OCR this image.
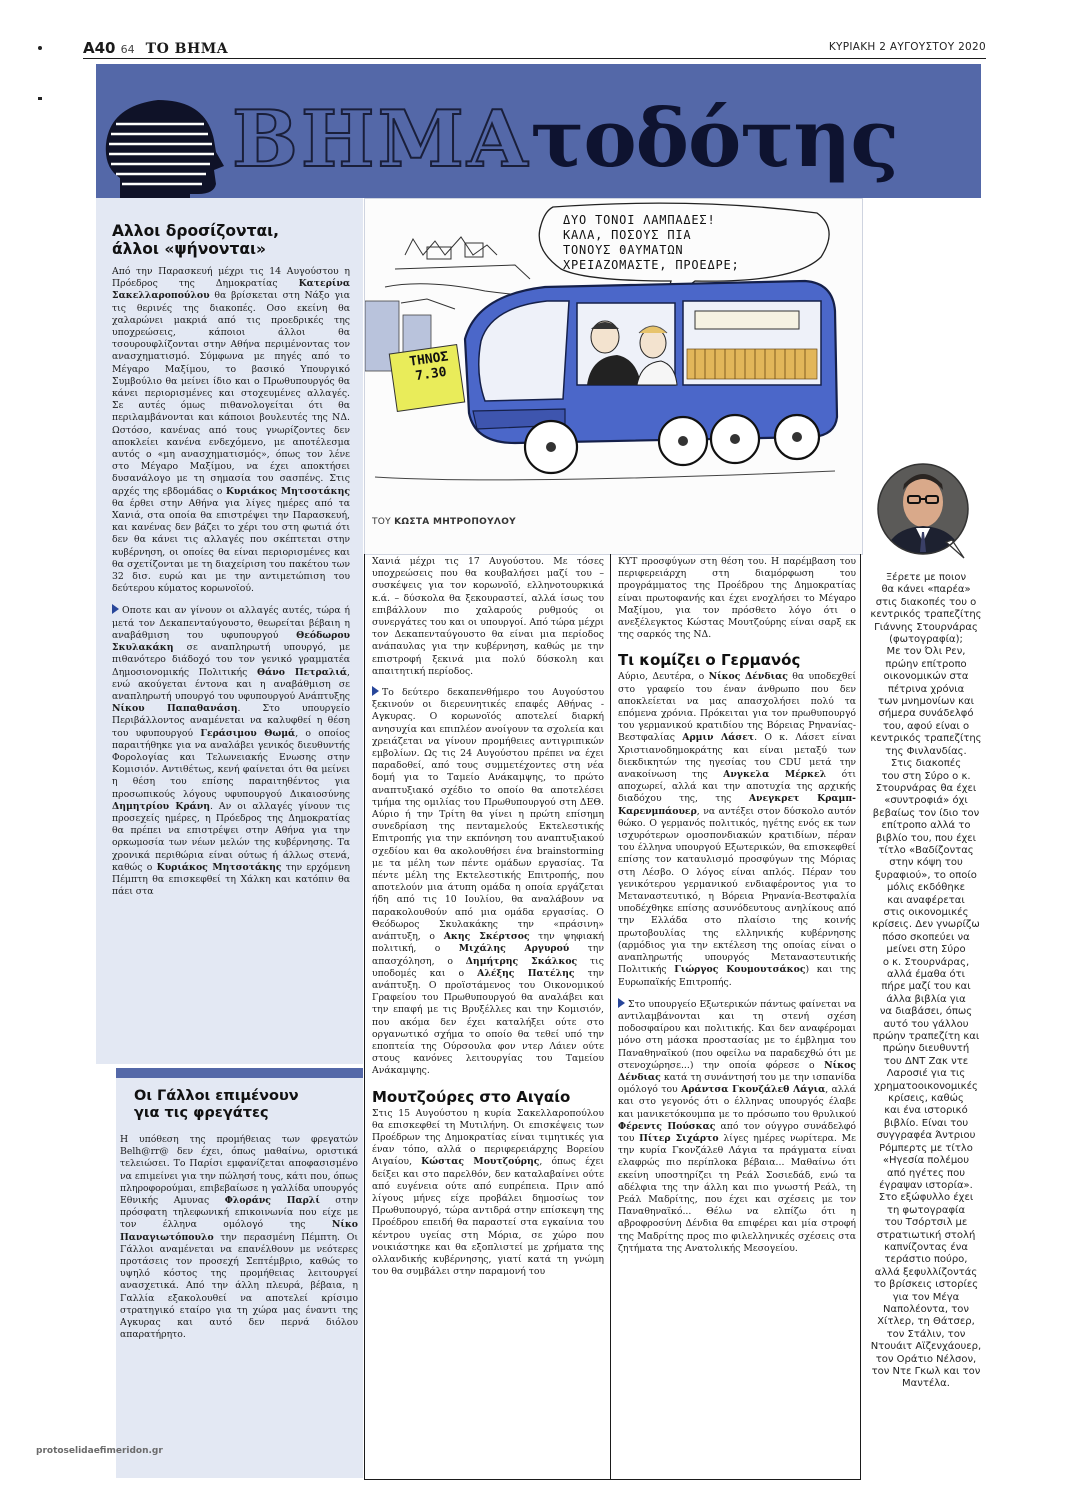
Α40 64 ΤΟ ΒΗΜΑ	ΚΥΡΙΑΚΗ 2 ΑΥΓΟΥΣΤΟΥ 2020
ΒΗΜΑτοδότης
Αλλοι δροσίζονται,
άλλοι «ψήνονται»

Από την Παρασκευή μέχρι τις 14 Αυγούστου η Πρόεδρος της Δημοκρατίας Κατερίνα Σακελλαροπούλου θα βρίσκεται στη Νάξο για τις θερινές της διακοπές. Οσο εκείνη θα χαλαρώνει μακριά από τις προεδρικές της υποχρεώσεις, κάποιοι άλλοι θα τσουρουφλίζονται στην Αθήνα περιμένοντας τον ανασχηματισμό. Σύμφωνα με πηγές από το Μέγαρο Μαξίμου, το βασικό Υπουργικό Συμβούλιο θα μείνει ίδιο και ο Πρωθυπουργός θα κάνει περιορισμένες και στοχευμένες αλλαγές. Σε αυτές όμως πιθανολογείται ότι θα περιλαμβάνονται και κάποιοι βουλευτές της ΝΔ. Ωστόσο, κανένας από τους γνωρίζοντες δεν αποκλείει κανένα ενδεχόμενο, με αποτέλεσμα αυτός ο «μη ανασχηματισμός», όπως τον λένε στο Μέγαρο Μαξίμου, να έχει αποκτήσει δυσανάλογο με τη σημασία του σασπένς. Στις αρχές της εβδομάδας ο Κυριάκος Μητσοτάκης θα έρθει στην Αθήνα για λίγες ημέρες από τα Χανιά, στα οποία θα επιστρέψει την Παρασκευή, και κανένας δεν βάζει το χέρι του στη φωτιά ότι δεν θα κάνει τις αλλαγές που σκέπτεται στην κυβέρνηση, οι οποίες θα είναι περιορισμένες και θα σχετίζονται με τη διαχείριση του πακέτου των 32 δισ. ευρώ και με την αντιμετώπιση του δεύτερου κύματος κορωνοϊού.

Οποτε και αν γίνουν οι αλλαγές αυτές, τώρα ή μετά τον Δεκαπενταύγουστο, θεωρείται βέβαιη η αναβάθμιση του υφυπουργού Θεόδωρου Σκυλακάκη σε αναπληρωτή υπουργό, με πιθανότερο διάδοχό του τον γενικό γραμματέα Δημοσιονομικής Πολιτικής Θάνο Πετραλιά, ενώ ακούγεται έντονα και η αναβάθμιση σε αναπληρωτή υπουργό του υφυπουργού Ανάπτυξης Νίκου Παπαθανάση. Στο υπουργείο Περιβάλλοντος αναμένεται να καλυφθεί η θέση του υφυπουργού Γεράσιμου Θωμά, ο οποίος παραιτήθηκε για να αναλάβει γενικός διευθυντής Φορολογίας και Τελωνειακής Ενωσης στην Κομισιόν. Αντιθέτως, κενή φαίνεται ότι θα μείνει η θέση του επίσης παραιτηθέντος για προσωπικούς λόγους υφυπουργού Δικαιοσύνης Δημητρίου Κράνη. Αν οι αλλαγές γίνουν τις προσεχείς ημέρες, η Πρόεδρος της Δημοκρατίας θα πρέπει να επιστρέψει στην Αθήνα για την ορκωμοσία των νέων μελών της κυβέρνησης. Τα χρονικά περιθώρια είναι ούτως ή άλλως στενά, καθώς ο Κυριάκος Μητσοτάκης την ερχόμενη Πέμπτη θα επισκεφθεί τη Χάλκη και κατόπιν θα πάει στα

Οι Γάλλοι επιμένουν
για τις φρεγάτες

Η υπόθεση της προμήθειας των φρεγατών Belh@rr@ δεν έχει, όπως μαθαίνω, οριστικά τελειώσει. Το Παρίσι εμφανίζεται αποφασισμένο να επιμείνει για την πώλησή τους, κάτι που, όπως πληροφορούμαι, επιβεβαίωσε η γαλλίδα υπουργός Εθνικής Αμυνας Φλοράνς Παρλί στην πρόσφατη τηλεφωνική επικοινωνία που είχε με τον έλληνα ομόλογό της Νίκο Παναγιωτόπουλο την περασμένη Πέμπτη. Οι Γάλλοι αναμένεται να επανέλθουν με νεότερες προτάσεις τον προσεχή Σεπτέμβριο, καθώς το υψηλό κόστος της προμήθειας λειτουργεί ανασχετικά. Από την άλλη πλευρά, βέβαια, η Γαλλία εξακολουθεί να αποτελεί κρίσιμο στρατηγικό εταίρο για τη χώρα μας έναντι της Αγκυρας και αυτό δεν περνά διόλου απαρατήρητο.

ΔΥΟ ΤΟΝΟΙ ΛΑΜΠΑΔΕΣ!
ΚΑΛΑ, ΠΟΣΟΥΣ ΠΙΑ
ΤΟΝΟΥΣ ΘΑΥΜΑΤΩΝ
ΧΡΕΙΑΖΟΜΑΣΤΕ, ΠΡΟΕΔΡΕ;
ΤΗΝΟΣ
7.30
ΤΟΥ ΚΩΣΤΑ ΜΗΤΡΟΠΟΥΛΟΥ

Χανιά μέχρι τις 17 Αυγούστου. Με τόσες υποχρεώσεις που θα κουβαλήσει μαζί του – συσκέψεις για τον κορωνοϊό, ελληνοτουρκικά κ.ά. – δύσκολα θα ξεκουραστεί, αλλά ίσως του επιβάλλουν πιο χαλαρούς ρυθμούς οι συνεργάτες του και οι υπουργοί. Από τώρα μέχρι τον Δεκαπενταύγουστο θα είναι μια περίοδος ανάπαυλας για την κυβέρνηση, καθώς με την επιστροφή ξεκινά μια πολύ δύσκολη και απαιτητική περίοδος.

Το δεύτερο δεκαπενθήμερο του Αυγούστου ξεκινούν οι διερευνητικές επαφές Αθήνας - Αγκυρας. Ο κορωνοϊός αποτελεί διαρκή ανησυχία και επιπλέον ανοίγουν τα σχολεία και χρειάζεται να γίνουν προμήθειες αντιγριπικών εμβολίων. Ως τις 24 Αυγούστου πρέπει να έχει παραδοθεί, από τους συμμετέχοντες στη νέα δομή για το Ταμείο Ανάκαμψης, το πρώτο αναπτυξιακό σχέδιο το οποίο θα αποτελέσει τμήμα της ομιλίας του Πρωθυπουργού στη ΔΕΘ. Αύριο ή την Τρίτη θα γίνει η πρώτη επίσημη συνεδρίαση της πενταμελούς Εκτελεστικής Επιτροπής για την εκπόνηση του αναπτυξιακού σχεδίου και θα ακολουθήσει ένα brainstorming με τα μέλη των πέντε ομάδων εργασίας. Τα πέντε μέλη της Εκτελεστικής Επιτροπής, που αποτελούν μια άτυπη ομάδα η οποία εργάζεται ήδη από τις 10 Ιουλίου, θα αναλάβουν να παρακολουθούν από μια ομάδα εργασίας. Ο Θεόδωρος Σκυλακάκης την «πράσινη» ανάπτυξη, ο Ακης Σκέρτσος την ψηφιακή πολιτική, ο Μιχάλης Αργυρού την απασχόληση, ο Δημήτρης Σκάλκος τις υποδομές και ο Αλέξης Πατέλης την ανάπτυξη. Ο προϊστάμενος του Οικονομικού Γραφείου του Πρωθυπουργού θα αναλάβει και την επαφή με τις Βρυξέλλες και την Κομισιόν, που ακόμα δεν έχει καταλήξει ούτε στο οργανωτικό σχήμα το οποίο θα τεθεί υπό την εποπτεία της Ούρσουλα φον ντερ Λάιεν ούτε στους κανόνες λειτουργίας του Ταμείου Ανάκαμψης.

Μουτζούρες στο Αιγαίο

Στις 15 Αυγούστου η κυρία Σακελλαροπούλου θα επισκεφθεί τη Μυτιλήνη. Οι επισκέψεις των Προέδρων της Δημοκρατίας είναι τιμητικές για έναν τόπο, αλλά ο περιφερειάρχης Βορείου Αιγαίου, Κώστας Μουτζούρης, όπως έχει δείξει και στο παρελθόν, δεν καταλαβαίνει ούτε από ευγένεια ούτε από ευπρέπεια. Πριν από λίγους μήνες είχε προβάλει δημοσίως τον Πρωθυπουργό, τώρα αντιδρά στην επίσκεψη της Προέδρου επειδή θα παραστεί στα εγκαίνια του κέντρου υγείας στη Μόρια, σε χώρο που νοικιάστηκε και θα εξοπλιστεί με χρήματα της ολλανδικής κυβέρνησης, γιατί κατά τη γνώμη του θα συμβάλει στην παραμονή του

ΚΥΤ προσφύγων στη θέση του. Η παρέμβαση του περιφερειάρχη στη διαμόρφωση του προγράμματος της Προέδρου της Δημοκρατίας είναι πρωτοφανής και έχει ενοχλήσει το Μέγαρο Μαξίμου, για τον πρόσθετο λόγο ότι ο ανεξέλεγκτος Κώστας Μουτζούρης είναι σαρξ εκ της σαρκός της ΝΔ.

Τι κομίζει ο Γερμανός

Αύριο, Δευτέρα, ο Νίκος Δένδιας θα υποδεχθεί στο γραφείο του έναν άνθρωπο που δεν αποκλείεται να μας απασχολήσει πολύ τα επόμενα χρόνια. Πρόκειται για τον πρωθυπουργό του γερμανικού κρατιδίου της Βόρειας Ρηνανίας-Βεστφαλίας Αρμιν Λάσετ. Ο κ. Λάσετ είναι Χριστιανοδημοκράτης και είναι μεταξύ των διεκδικητών της ηγεσίας του CDU μετά την ανακοίνωση της Ανγκελα Μέρκελ ότι αποχωρεί, αλλά και την αποτυχία της αρχικής διαδόχου της, της Ανεγκρετ Κραμπ-Καρενμπάουερ, να αντέξει στον δύσκολο αυτόν θώκο. Ο γερμανός πολιτικός, ηγέτης ενός εκ των ισχυρότερων ομοσπονδιακών κρατιδίων, πέραν του έλληνα υπουργού Εξωτερικών, θα επισκεφθεί επίσης τον καταυλισμό προσφύγων της Μόριας στη Λέσβο. Ο λόγος είναι απλός. Πέραν του γενικότερου γερμανικού ενδιαφέροντος για το Μεταναστευτικό, η Βόρεια Ρηνανία-Βεστφαλία υποδέχθηκε επίσης ασυνόδευτους ανηλίκους από την Ελλάδα στο πλαίσιο της κοινής πρωτοβουλίας της ελληνικής κυβέρνησης (αρμόδιος για την εκτέλεση της οποίας είναι ο αναπληρωτής υπουργός Μεταναστευτικής Πολιτικής Γιώργος Κουμουτσάκος) και της Ευρωπαϊκής Επιτροπής.

Στο υπουργείο Εξωτερικών πάντως φαίνεται να αντιλαμβάνονται και τη στενή σχέση ποδοσφαίρου και πολιτικής. Και δεν αναφέρομαι μόνο στη μάσκα προστασίας με το έμβλημα του Παναθηναϊκού (που οφείλω να παραδεχθώ ότι με στενοχώρησε...) την οποία φόρεσε ο Νίκος Δένδιας κατά τη συνάντησή του με την ισπανίδα ομόλογό του Αράντσα Γκονζάλεθ Λάγια, αλλά και στο γεγονός ότι ο έλληνας υπουργός έλαβε και μανικετόκουμπα με το πρόσωπο του θρυλικού Φέρεντς Πούσκας από τον ούγγρο συνάδελφό του Πίτερ Σιχάρτο λίγες ημέρες νωρίτερα. Με την κυρία Γκονζάλεθ Λάγια τα πράγματα είναι ελαφρώς πιο περίπλοκα βέβαια... Μαθαίνω ότι εκείνη υποστηρίζει τη Ρεάλ Σοσιεδάδ, ενώ τα αδέλφια της την άλλη και πιο γνωστή Ρεάλ, τη Ρεάλ Μαδρίτης, που έχει και σχέσεις με τον Παναθηναϊκό... Θέλω να ελπίζω ότι η αβροφροσύνη Δένδια θα επιφέρει και μία στροφή της Μαδρίτης προς πιο φιλελληνικές σχέσεις στα ζητήματα της Ανατολικής Μεσογείου.

Ξέρετε με ποιον
θα κάνει «παρέα»
στις διακοπές του ο
κεντρικός τραπεζίτης
Γιάννης Στουρνάρας
(φωτογραφία);
Με τον Όλι Ρεν,
πρώην επίτροπο
οικονομικών στα
πέτρινα χρόνια
των μνημονίων και
σήμερα συνάδελφό
του, αφού είναι ο
κεντρικός τραπεζίτης
της Φινλανδίας.
Στις διακοπές
του στη Σύρο ο κ.
Στουρνάρας θα έχει
«συντροφιά» όχι
βεβαίως τον ίδιο τον
επίτροπο αλλά το
βιβλίο του, που έχει
τίτλο «Βαδίζοντας
στην κόψη του
ξυραφιού», το οποίο
μόλις εκδόθηκε
και αναφέρεται
στις οικονομικές
κρίσεις. Δεν γνωρίζω
πόσο σκοπεύει να
μείνει στη Σύρο
ο κ. Στουρνάρας,
αλλά έμαθα ότι
πήρε μαζί του και
άλλα βιβλία για
να διαβάσει, όπως
αυτό του γάλλου
πρώην τραπεζίτη και
πρώην διευθυντή
του ΔΝΤ Ζακ ντε
Λαροσιέ για τις
χρηματοοικονομικές
κρίσεις, καθώς
και ένα ιστορικό
βιβλίο. Είναι του
συγγραφέα Άντριου
Ρόμπερτς με τίτλο
«Ηγεσία πολέμου
από ηγέτες που
έγραψαν ιστορία».
Στο εξώφυλλο έχει
τη φωτογραφία
του Τσόρτσιλ με
στρατιωτική στολή
καπνίζοντας ένα
τεράστιο πούρο,
αλλά ξεφυλλίζοντάς
το βρίσκεις ιστορίες
για τον Μέγα
Ναπολέοντα, τον
Χίτλερ, τη Θάτσερ,
τον Στάλιν, τον
Ντουάιτ Αϊζενχάουερ,
τον Οράτιο Νέλσον,
τον Ντε Γκωλ και τον
Μαντέλα.
protoselidaefimeridon.gr
